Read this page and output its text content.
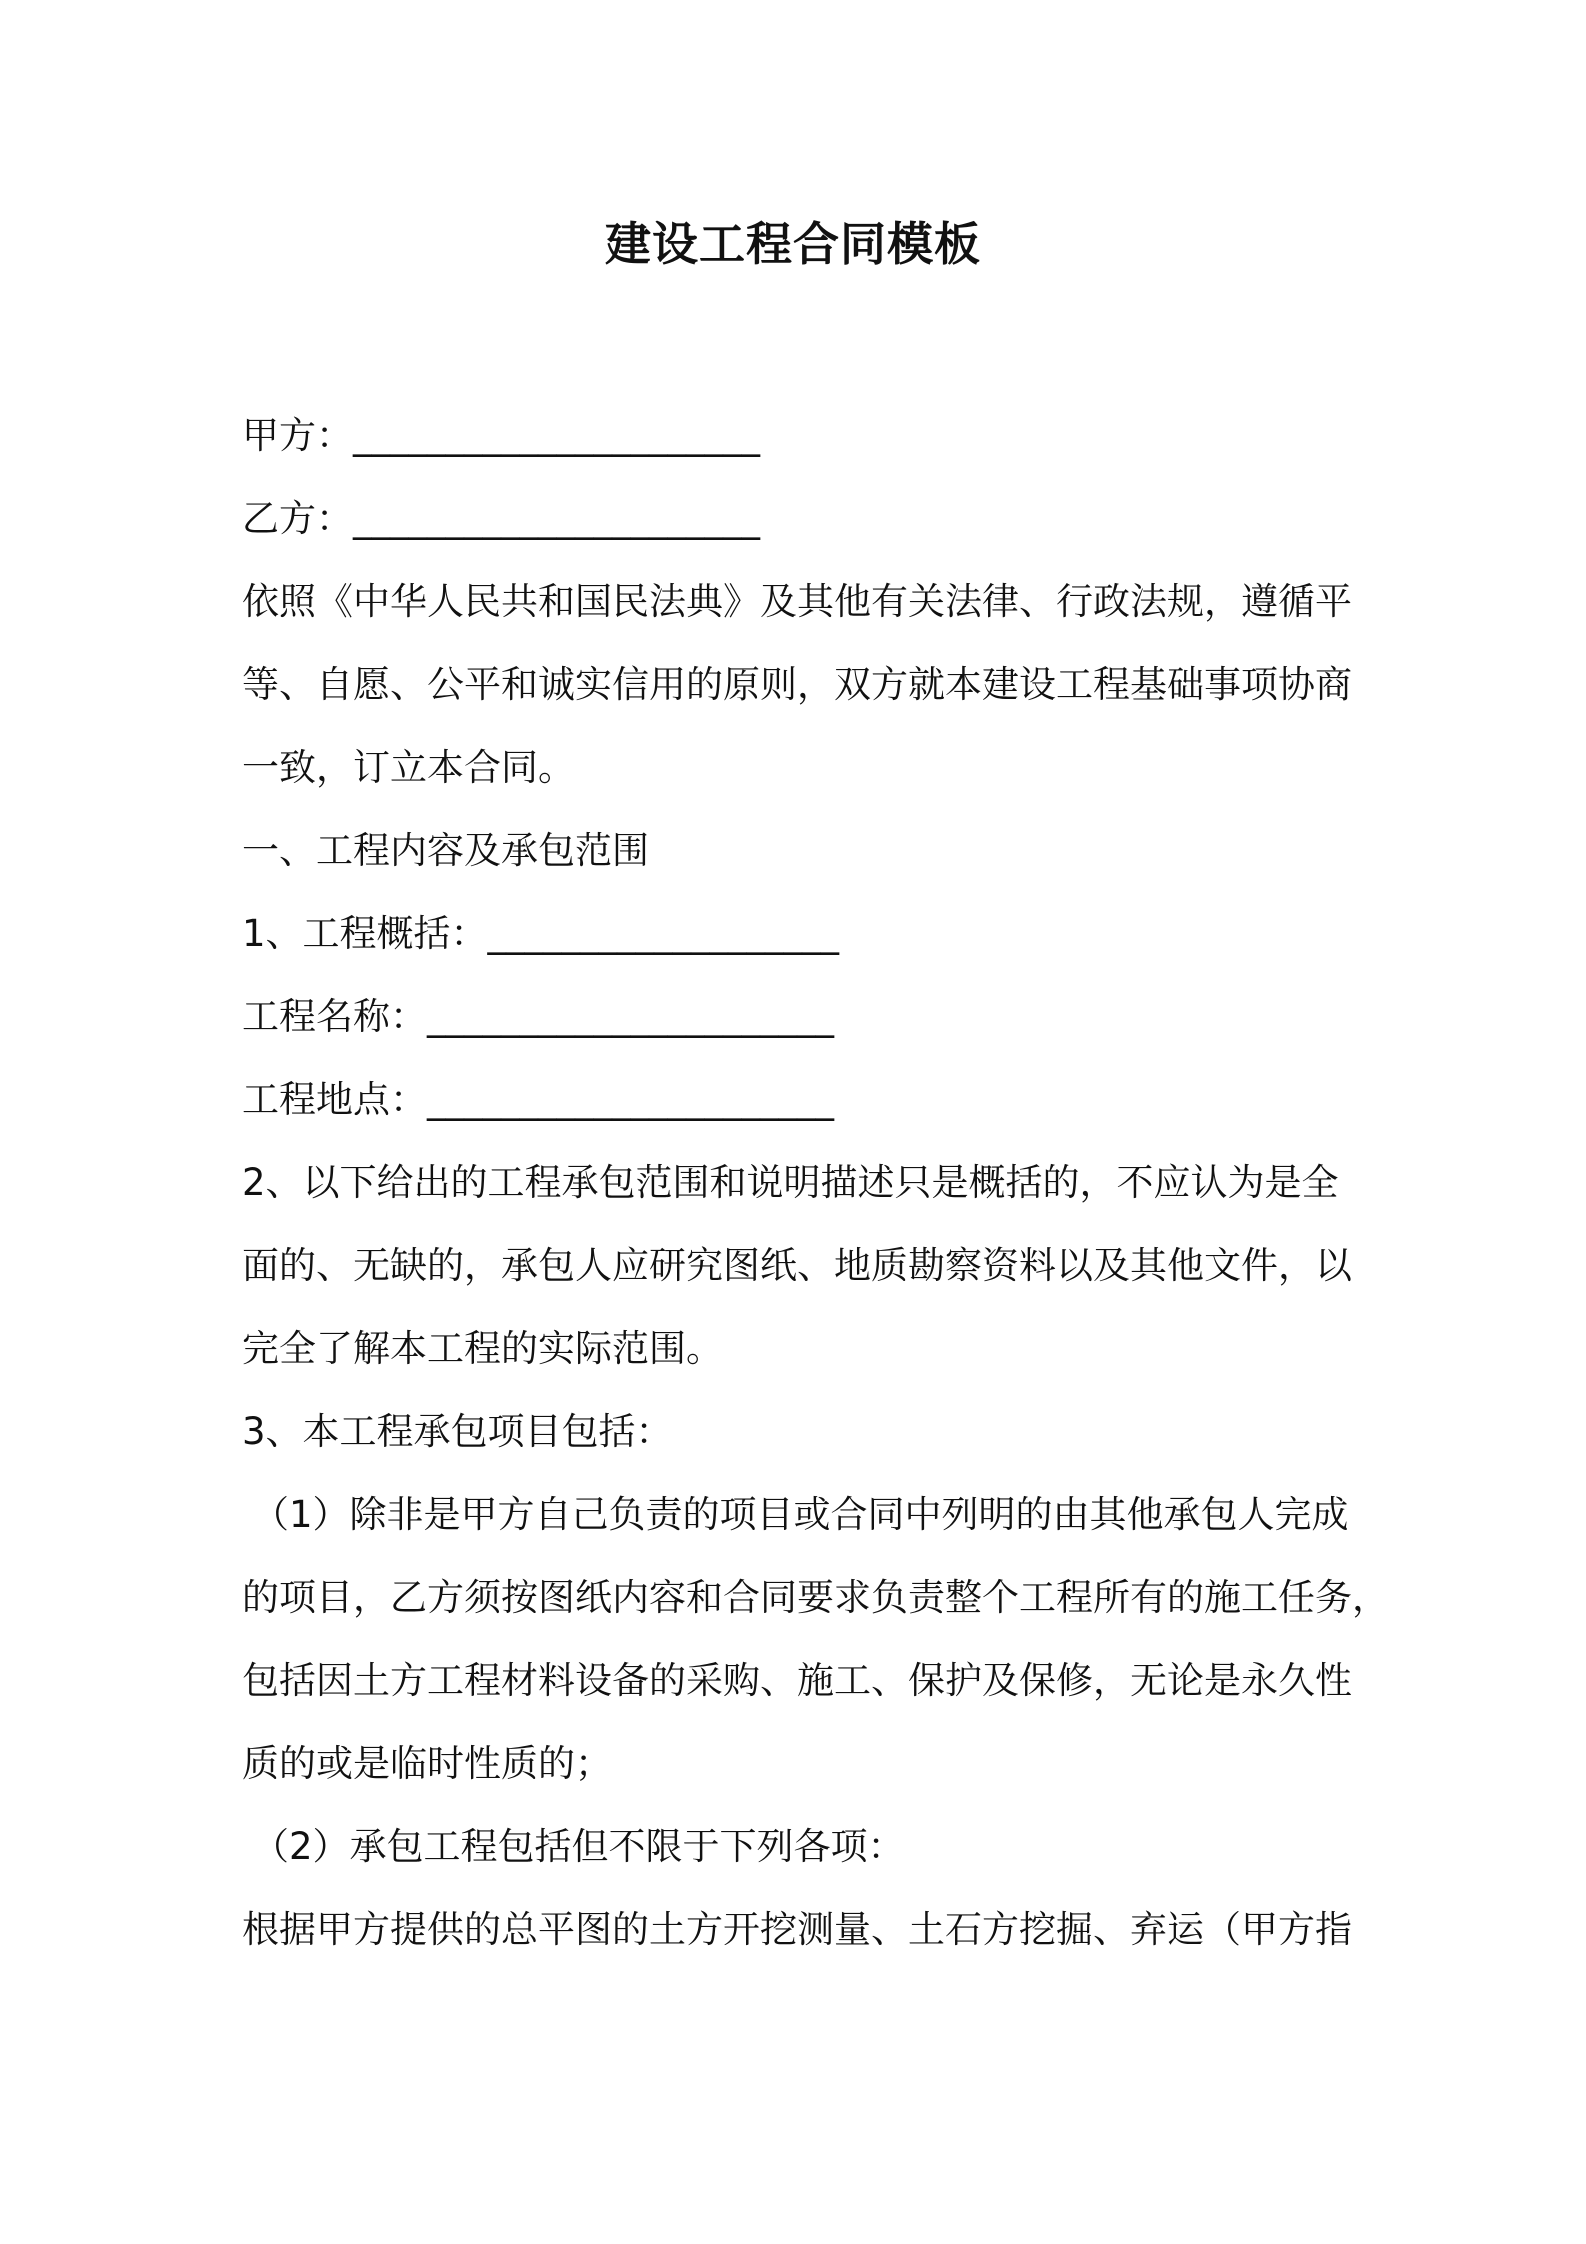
建设工程合同模板
甲方：______________________
乙方：______________________
依照《中华人民共和国民法典》及其他有关法律、行政法规，遵循平
等、自愿、公平和诚实信用的原则，双方就本建设工程基础事项协商
一致，订立本合同。
一、工程内容及承包范围
1、工程概括：___________________
工程名称：______________________
工程地点：______________________
2、以下给出的工程承包范围和说明描述只是概括的，不应认为是全
面的、无缺的，承包人应研究图纸、地质勘察资料以及其他文件，以
完全了解本工程的实际范围。
3、本工程承包项目包括：
（1）除非是甲方自己负责的项目或合同中列明的由其他承包人完成
的项目，乙方须按图纸内容和合同要求负责整个工程所有的施工任务，
包括因土方工程材料设备的采购、施工、保护及保修，无论是永久性
质的或是临时性质的；
（2）承包工程包括但不限于下列各项：
根据甲方提供的总平图的土方开挖测量、土石方挖掘、弃运（甲方指
